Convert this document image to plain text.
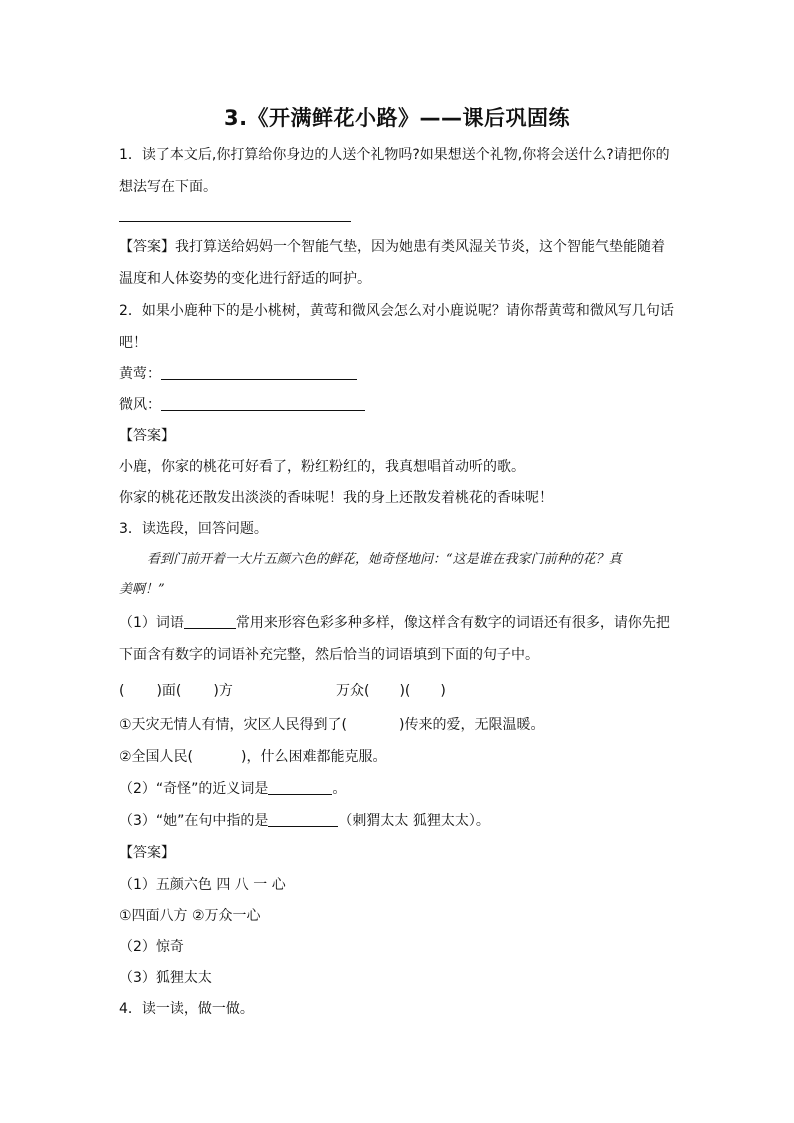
3.《开满鲜花小路》——课后巩固练
1．读了本文后,你打算给你身边的人送个礼物吗?如果想送个礼物,你将会送什么?请把你的
想法写在下面。
【答案】我打算送给妈妈一个智能气垫，因为她患有类风湿关节炎，这个智能气垫能随着
温度和人体姿势的变化进行舒适的呵护。
2．如果小鹿种下的是小桃树，黄莺和微风会怎么对小鹿说呢？请你帮黄莺和微风写几句话
吧！
黄莺：
微风：
【答案】
小鹿，你家的桃花可好看了，粉红粉红的，我真想唱首动听的歌。
你家的桃花还散发出淡淡的香味呢！我的身上还散发着桃花的香味呢！
3．读选段，回答问题。
看到门前开着一大片五颜六色的鲜花，她奇怪地问：“这是谁在我家门前种的花？真
美啊！”
（1）词语	常用来形容色彩多种多样，像这样含有数字的词语还有很多，请你先把
下面含有数字的词语补充完整，然后恰当的词语填到下面的句子中。
( )面( )方	万众( )( )
①天灾无情人有情，灾区人民得到了(	)传来的爱，无限温暖。
②全国人民(	)，什么困难都能克服。
（2）“奇怪”的近义词是	。
（3）“她”在句中指的是	（刺猬太太 狐狸太太）。
【答案】
（1）五颜六色 四 八 一 心
①四面八方 ②万众一心
（2）惊奇
（3）狐狸太太
4．读一读，做一做。
